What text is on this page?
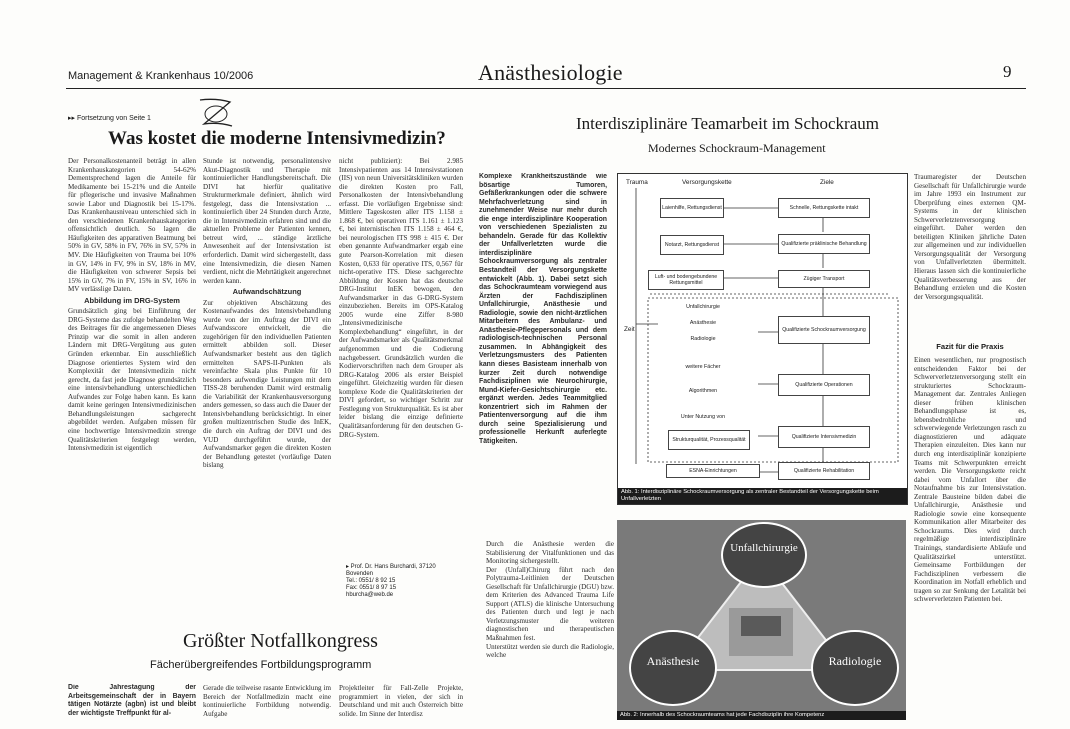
Management & Krankenhaus 10/2006	Anästhesiologie	9
▸▸ Fortsetzung von Seite 1
Was kostet die moderne Intensivmedizin?

Der Personalkostenanteil beträgt in allen Krankenhauskategorien 54-62% Dementsprechend lagen die Anteile für Medikamente bei 15-21% und die Anteile für pflegerische und invasive Maßnahmen sowie Labor und Diagnostik bei 15-17%. Das Krankenhausniveau unterschied sich in den verschiedenen Krankenhauskategorien offensichtlich deutlich. So lagen die Häufigkeiten des apparativen Beatmung bei 50% in GV, 58% in FV, 76% in SV, 57% in MV. Die Häufigkeiten von Trauma bei 10% in GV, 14% in FV, 9% in SV, 18% in MV, die Häufigkeiten von schwerer Sepsis bei 15% in GV, 7% in FV, 15% in SV, 16% in MV verlässlige Daten.

Abbildung im DRG-System

Grundsätzlich ging bei Einführung der DRG-Systeme das zufolge behandelten Weg des Beitrages für die angemessenen Dieses Prinzip war die somit in allen anderen Ländern mit DRG-Vergütung aus guten Gründen erkennbar. Ein ausschließlich Diagnose orientiertes System wird den Komplexität der Intensivmedizin nicht gerecht, da fast jede Diagnose grundsätzlich eine intensivbehandlung unterschiedlichen Aufwandes zur Folge haben kann. Es kann damit keine geringen Intensivmedizinischen Behandlungsleistungen sachgerecht abgebildet werden. Aufgaben müssen für eine hochwertige Intensivmedizin strenge Qualitätskriterien festgelegt werden, Intensivmedizin ist eigentlich

Stunde ist notwendig, personalintensive Akut-Diagnostik und Therapie mit kontinuierlicher Handlungsbereitschaft. Die DIVI hat hierfür qualitative Strukturmerkmale definiert, ähnlich wird festgelegt, dass die Intensivstation ... kontinuierlich über 24 Stunden durch Ärzte, die in Intensivmedizin erfahren sind und die aktuellen Probleme der Patienten kennen, betreut wird, ... ständige ärztliche Anwesenheit auf der Intensivstation ist erforderlich. Damit wird sichergestellt, dass eine Intensivmedizin, die diesen Namen verdient, nicht die Mehrtätigkeit angerechnet werden kann.

Aufwandschätzung

Zur objektiven Abschätzung des Kostenaufwandes des Intensivbehandlung wurde von der im Auftrag der DIVI ein Aufwandsscore entwickelt, die die zugehörigen für den individuellen Patienten ermittelt abbilden soll. Dieser Aufwandsmarker besteht aus den täglich ermittelten SAPS-II-Punkten als vereinfachte Skala plus Punkte für 10 besonders aufwendige Leistungen mit dem TISS-28 beruhenden Damit wird erstmalig die Variabilität der Krankenhausversorgung anders gemessen, so dass auch die Dauer der Intensivbehandlung berücksichtigt. In einer großen multizentrischen Studie des InEK, die durch ein Auftrag der DIVI und des VUD durchgeführt wurde, der Aufwandsmarker gegen die direkten Kosten der Behandlung getestet (vorläufige Daten bislang

nicht publiziert): Bei 2.985 Intensivpatienten aus 14 Intensivstationen (IIS) von neun Universitätskliniken wurden die direkten Kosten pro Fall, Personalkosten der Intensivbehandlung erfasst. Die vorläufigen Ergebnisse sind: Mittlere Tageskosten aller ITS 1.158 ± 1.868 €, bei operativen ITS 1.161 ± 1.123 €, bei internistischen ITS 1.158 ± 464 €, bei neurologischen ITS 998 ± 415 €. Der eben genannte Aufwandmarker ergab eine gute Pearson-Korrelation mit diesen Kosten, 0,633 für operative ITS, 0,567 für nicht-operative ITS. Diese sachgerechte Abbildung der Kosten hat das deutsche DRG-Institut InEK bewogen, den Aufwandsmarker in das G-DRG-System einzubeziehen. Bereits im OPS-Katalog 2005 wurde eine Ziffer 8-980 „Intensivmedizinische Komplexbehandlung“ eingeführt, in der der Aufwandsmarker als Qualitätsmerkmal aufgenommen und die Codierung nachgebessert. Grundsätzlich wurden die Kodiervorschriften nach dem Grouper als DRG-Katalog 2006 als erster Beispiel eingeführt. Gleichzeitig wurden für diesen komplexe Kode die Qualitätskriterien der DIVI gefordert, so wichtiger Schritt zur Festlegung von Strukturqualität. Es ist aber leider bislang die einzige definierte Qualitätsanforderung für den deutschen G-DRG-System.

▸ Prof. Dr. Hans Burchardi, 37120 Bovenden
Tel.: 0551/ 8 92 15
Fax: 0551/ 8 97 15
hburcha@web.de
Größter Notfallkongress
Fächerübergreifendes Fortbildungsprogramm
Die Jahrestagung der Arbeitsgemeinschaft der in Bayern tätigen Notärzte (agbn) ist und bleibt der wichtigste Treffpunkt für al-
Gerade die teilweise rasante Entwicklung im Bereich der Notfallmedizin macht eine kontinuierliche Fortbildung notwendig. Aufgabe
Projektleiter für Fall-Zelle Projekte, programmiert in vielen, der sich in Deutschland und mit auch Österreich bitte solide. Im Sinne der Interdisz
Interdisziplinäre Teamarbeit im Schockraum
Modernes Schockraum-Management
Komplexe Krankheitszustände wie bösartige Tumoren, Gefäßerkrankungen oder die schwere Mehrfachverletzung sind in zunehmender Weise nur mehr durch die enge interdisziplinäre Kooperation von verschiedenen Spezialisten zu behandeln. Gerade für das Kollektiv der Unfallverletzten wurde die interdisziplinäre Schockraumversorgung als zentraler Bestandteil der Versorgungskette entwickelt (Abb. 1). Dabei setzt sich das Schockraumteam vorwiegend aus Ärzten der Fachdisziplinen Unfallchirurgie, Anästhesie und Radiologie, sowie den nicht-ärztlichen Mitarbeitern des Ambulanz- und Anästhesie-Pflegepersonals und dem radiologisch-technischen Personal zusammen. In Abhängigkeit des Verletzungsmusters des Patienten kann dieses Basisteam innerhalb von kurzer Zeit durch notwendige Fachdisziplinen wie Neurochirurgie, Mund-Kiefer-Gesichtschirurgie etc. ergänzt werden. Jedes Teammitglied konzentriert sich im Rahmen der Patientenversorgung auf die ihm durch seine Spezialisierung und professionelle Herkunft auferlegte Tätigkeiten.
• Durch die Anästhesie werden die Stabilisierung der Vitalfunktionen und das Monitoring sichergestellt.
• Der (Unfall)Chirurg führt nach den Polytrauma-Leitlinien der Deutschen Gesellschaft für Unfallchirurgie (DGU) bzw. dem Kriterien des Advanced Trauma Life Support (ATLS) die klinische Untersuchung des Patienten durch und legt je nach Verletzungsmuster die weiteren diagnostischen und therapeutischen Maßnahmen fest.
• Unterstützt werden sie durch die Radiologie, welche
Trauma	Versorgungskette	Ziele
Zeit
Laienhilfe, Rettungsdienst
Notarzt, Rettungsdienst
Luft- und bodengebundene Rettungsmittel
Schnelle, Rettungskette intakt
Qualifizierte präklinische Behandlung
Zügiger Transport
Unfallchirurgie
Anästhesie
Radiologie
weitere Fächer
Algorithmen
Unter Nutzung von
Strukturqualität, Prozessqualität
Qualifizierte Schockraumversorgung
Qualifizierte Operationen
Qualifizierte Intensivmedizin
ESNA-Einrichtungen	Qualifizierte Rehabilitation
Abb. 1: Interdisziplinäre Schockraumversorgung als zentraler Bestandteil der Versorgungskette beim Unfallverletzten
Unfallchirurgie
Anästhesie	Radiologie
Abb. 2: Innerhalb des Schockraumteams hat jede Fachdisziplin ihre Kompetenz
Traumaregister der Deutschen Gesellschaft für Unfallchirurgie wurde im Jahre 1993 ein Instrument zur Überprüfung eines externen QM-Systems in der klinischen Schwerverletztenversorgung eingeführt. Daher werden den beteiligten Kliniken jährliche Daten zur allgemeinen und zur individuellen Versorgungsqualität der Versorgung von Unfallverletzten übermittelt. Hieraus lassen sich die kontinuierliche Qualitätsverbesserung aus der Behandlung erzielen und die Kosten der Versorgungsqualität.
Fazit für die Praxis
Einen wesentlichen, nur prognostisch entscheidenden Faktor bei der Schwerverletztenversorgung stellt ein strukturiertes Schockraum-Management dar. Zentrales Anliegen dieser frühen klinischen Behandlungsphase ist es, lebensbedrohliche und schwerwiegende Verletzungen rasch zu diagnostizieren und adäquate Therapien einzuleiten. Dies kann nur durch eng interdisziplinär konzipierte Teams mit Schwerpunkten erreicht werden. Die Versorgungskette reicht dabei vom Unfallort über die Notaufnahme bis zur Intensivstation. Zentrale Bausteine bilden dabei die Unfallchirurgie, Anästhesie und Radiologie sowie eine konsequente Kommunikation aller Mitarbeiter des Schockraums. Dies wird durch regelmäßige interdisziplinäre Trainings, standardisierte Abläufe und Qualitätszirkel unterstützt. Gemeinsame Fortbildungen der Fachdisziplinen verbessern die Koordination im Notfall erheblich und tragen so zur Senkung der Letalität bei schwerverletzten Patienten bei.
